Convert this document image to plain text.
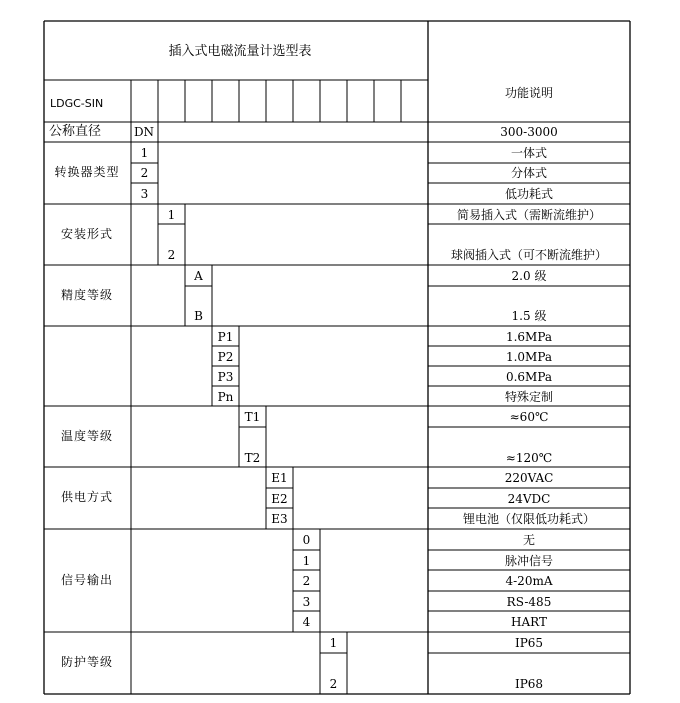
插入式电磁流量计选型表
LDGC-SIN
功能说明
公称直径	DN	300-3000
转换器类型
1	一体式
2	分体式
3	低功耗式
安装形式
1	简易插入式（需断流维护）
2	球阀插入式（可不断流维护）
精度等级
A	2.0 级
B	1.5 级
P1	1.6MPa
P2	1.0MPa
P3	0.6MPa
Pn	特殊定制
温度等级
T1	≈60℃
T2	≈120℃
供电方式
E1	220VAC
E2	24VDC
E3	锂电池（仅限低功耗式）
信号输出
0	无
1	脉冲信号
2	4-20mA
3	RS-485
4	HART
防护等级
1	IP65
2	IP68
